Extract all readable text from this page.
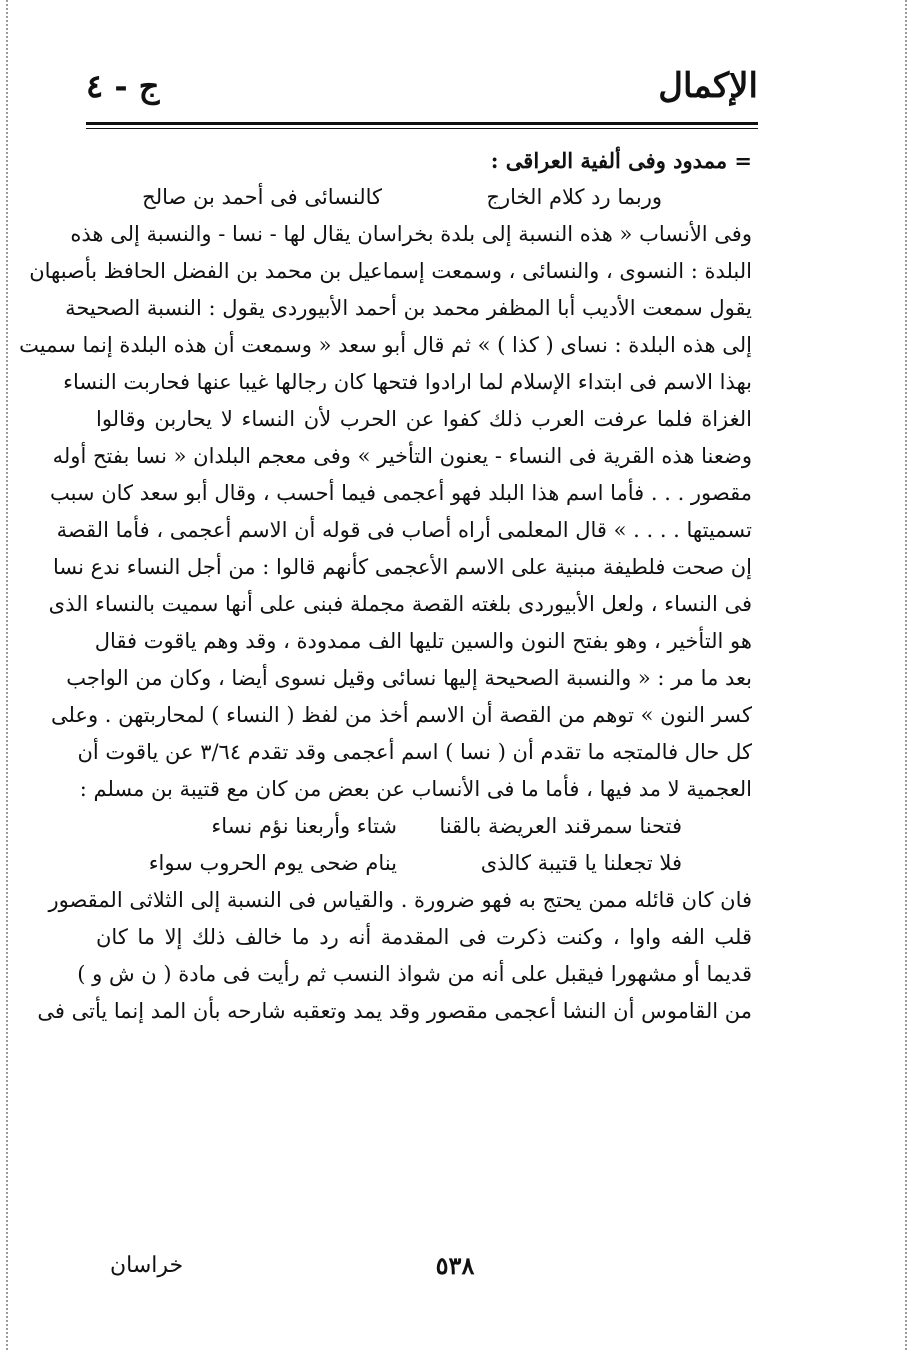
الإكمال
ج - ٤
= ممدود وفى ألفية العراقى :
وربما رد كلام الخارج
كالنسائى فى أحمد بن صالح
وفى الأنساب « هذه النسبة إلى بلدة بخراسان يقال لها - نسا - والنسبة إلى هذه
البلدة : النسوى ، والنسائى ، وسمعت إسماعيل بن محمد بن الفضل الحافظ بأصبهان
يقول سمعت الأديب أبا المظفر محمد بن أحمد الأبيوردى يقول : النسبة الصحيحة
إلى هذه البلدة : نساى ( كذا ) » ثم قال أبو سعد « وسمعت أن هذه البلدة إنما سميت
بهذا الاسم فى ابتداء الإسلام لما ارادوا فتحها كان رجالها غيبا عنها فحاربت النساء
الغزاة فلما عرفت العرب ذلك كفوا عن الحرب لأن النساء لا يحاربن وقالوا
وضعنا هذه القرية فى النساء - يعنون التأخير » وفى معجم البلدان « نسا بفتح أوله
مقصور . . . فأما اسم هذا البلد فهو أعجمى فيما أحسب ، وقال أبو سعد كان سبب
تسميتها . . . . » قال المعلمى أراه أصاب فى قوله أن الاسم أعجمى ، فأما القصة
إن صحت فلطيفة مبنية على الاسم الأعجمى كأنهم قالوا : من أجل النساء ندع نسا
فى النساء ، ولعل الأبيوردى بلغته القصة مجملة فبنى على أنها سميت بالنساء الذى
هو التأخير ، وهو بفتح النون والسين تليها الف ممدودة ، وقد وهم ياقوت فقال
بعد ما مر : « والنسبة الصحيحة إليها نسائى وقيل نسوى أيضا ، وكان من الواجب
كسر النون » توهم من القصة أن الاسم أخذ من لفظ ( النساء ) لمحاربتهن . وعلى
كل حال فالمتجه ما تقدم أن ( نسا ) اسم أعجمى وقد تقدم ٣/٦٤ عن ياقوت أن
العجمية لا مد فيها ، فأما ما فى الأنساب عن بعض من كان مع قتيبة بن مسلم :
فتحنا سمرقند العريضة بالقنا
شتاء وأربعنا نؤم نساء
فلا تجعلنا يا قتيبة كالذى
ينام ضحى يوم الحروب سواء
فان كان قائله ممن يحتج به فهو ضرورة . والقياس فى النسبة إلى الثلاثى المقصور
قلب الفه واوا ، وكنت ذكرت فى المقدمة أنه رد ما خالف ذلك إلا ما كان
قديما أو مشهورا فيقبل على أنه من شواذ النسب ثم رأيت فى مادة ( ن ش و )
من القاموس أن النشا أعجمى مقصور وقد يمد وتعقبه شارحه بأن المد إنما يأتى فى
٥٣٨
خراسان
